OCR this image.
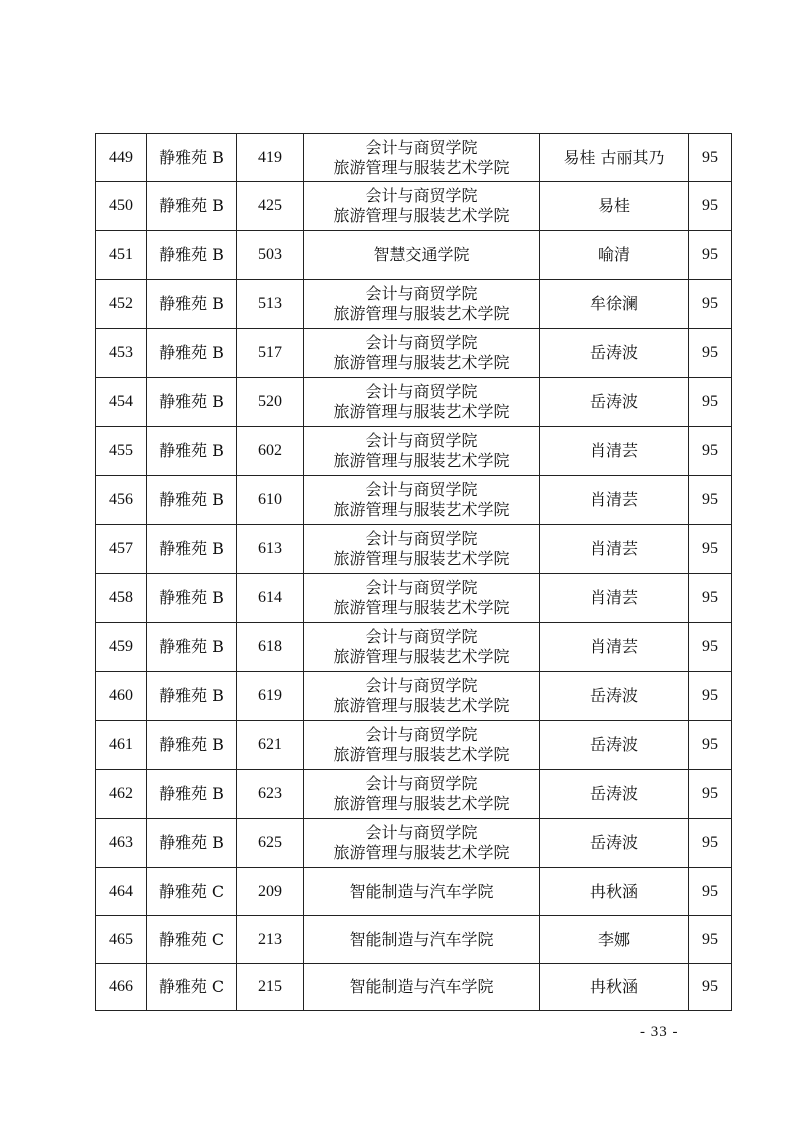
449	静雅苑 B	419	会计与商贸学院
旅游管理与服装艺术学院	易桂 古丽其乃	95
450	静雅苑 B	425	会计与商贸学院
旅游管理与服装艺术学院	易桂	95
451	静雅苑 B	503	智慧交通学院	喻清	95
452	静雅苑 B	513	会计与商贸学院
旅游管理与服装艺术学院	牟徐澜	95
453	静雅苑 B	517	会计与商贸学院
旅游管理与服装艺术学院	岳涛波	95
454	静雅苑 B	520	会计与商贸学院
旅游管理与服装艺术学院	岳涛波	95
455	静雅苑 B	602	会计与商贸学院
旅游管理与服装艺术学院	肖清芸	95
456	静雅苑 B	610	会计与商贸学院
旅游管理与服装艺术学院	肖清芸	95
457	静雅苑 B	613	会计与商贸学院
旅游管理与服装艺术学院	肖清芸	95
458	静雅苑 B	614	会计与商贸学院
旅游管理与服装艺术学院	肖清芸	95
459	静雅苑 B	618	会计与商贸学院
旅游管理与服装艺术学院	肖清芸	95
460	静雅苑 B	619	会计与商贸学院
旅游管理与服装艺术学院	岳涛波	95
461	静雅苑 B	621	会计与商贸学院
旅游管理与服装艺术学院	岳涛波	95
462	静雅苑 B	623	会计与商贸学院
旅游管理与服装艺术学院	岳涛波	95
463	静雅苑 B	625	会计与商贸学院
旅游管理与服装艺术学院	岳涛波	95
464	静雅苑 C	209	智能制造与汽车学院	冉秋涵	95
465	静雅苑 C	213	智能制造与汽车学院	李娜	95
466	静雅苑 C	215	智能制造与汽车学院	冉秋涵	95
- 33 -
